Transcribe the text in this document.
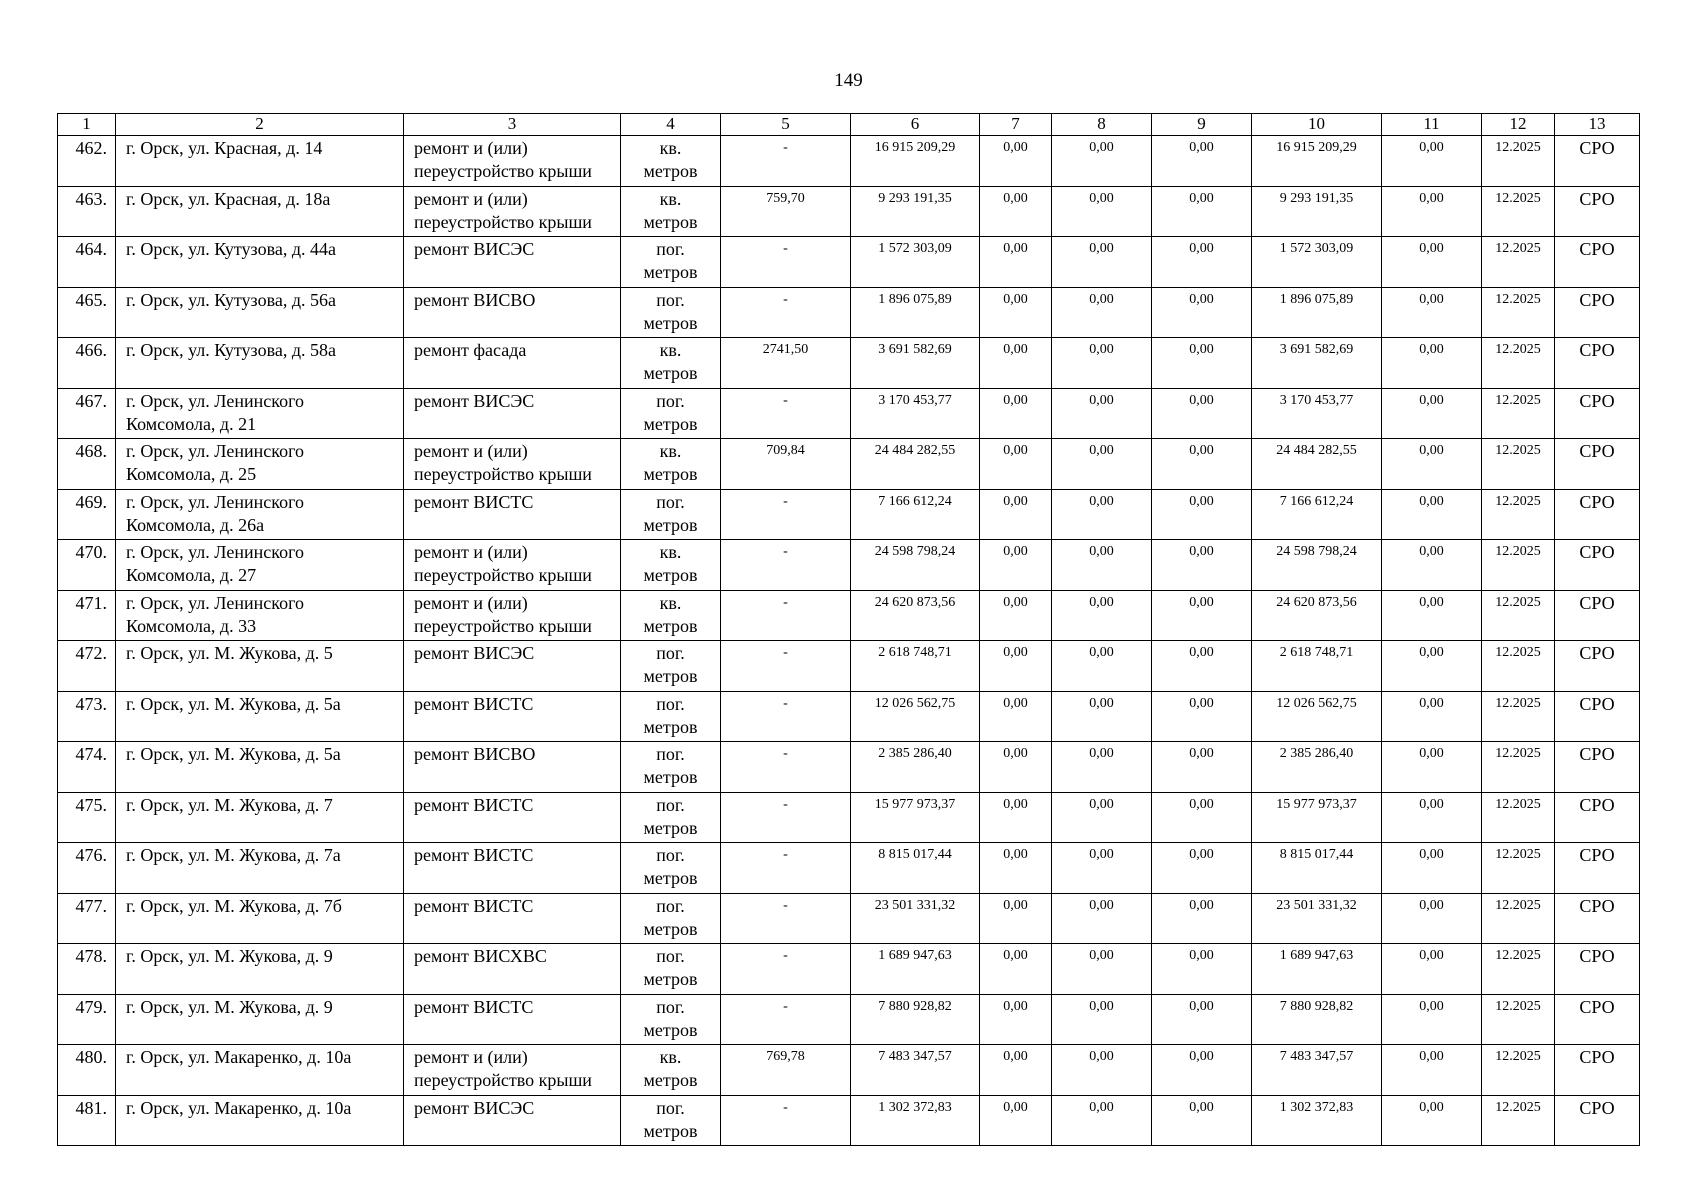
149
1	2	3	4	5	6	7	8	9	10	11	12	13
462.	г. Орск, ул. Красная, д. 14	ремонт и (или)
переустройство крыши	кв.
метров	-	16 915 209,29	0,00	0,00	0,00	16 915 209,29	0,00	12.2025	СРО
463.	г. Орск, ул. Красная, д. 18а	ремонт и (или)
переустройство крыши	кв.
метров	759,70	9 293 191,35	0,00	0,00	0,00	9 293 191,35	0,00	12.2025	СРО
464.	г. Орск, ул. Кутузова, д. 44а	ремонт ВИСЭС	пог.
метров	-	1 572 303,09	0,00	0,00	0,00	1 572 303,09	0,00	12.2025	СРО
465.	г. Орск, ул. Кутузова, д. 56а	ремонт ВИСВО	пог.
метров	-	1 896 075,89	0,00	0,00	0,00	1 896 075,89	0,00	12.2025	СРО
466.	г. Орск, ул. Кутузова, д. 58а	ремонт фасада	кв.
метров	2741,50	3 691 582,69	0,00	0,00	0,00	3 691 582,69	0,00	12.2025	СРО
467.	г. Орск, ул. Ленинского
Комсомола, д. 21	ремонт ВИСЭС	пог.
метров	-	3 170 453,77	0,00	0,00	0,00	3 170 453,77	0,00	12.2025	СРО
468.	г. Орск, ул. Ленинского
Комсомола, д. 25	ремонт и (или)
переустройство крыши	кв.
метров	709,84	24 484 282,55	0,00	0,00	0,00	24 484 282,55	0,00	12.2025	СРО
469.	г. Орск, ул. Ленинского
Комсомола, д. 26а	ремонт ВИСТС	пог.
метров	-	7 166 612,24	0,00	0,00	0,00	7 166 612,24	0,00	12.2025	СРО
470.	г. Орск, ул. Ленинского
Комсомола, д. 27	ремонт и (или)
переустройство крыши	кв.
метров	-	24 598 798,24	0,00	0,00	0,00	24 598 798,24	0,00	12.2025	СРО
471.	г. Орск, ул. Ленинского
Комсомола, д. 33	ремонт и (или)
переустройство крыши	кв.
метров	-	24 620 873,56	0,00	0,00	0,00	24 620 873,56	0,00	12.2025	СРО
472.	г. Орск, ул. М. Жукова, д. 5	ремонт ВИСЭС	пог.
метров	-	2 618 748,71	0,00	0,00	0,00	2 618 748,71	0,00	12.2025	СРО
473.	г. Орск, ул. М. Жукова, д. 5а	ремонт ВИСТС	пог.
метров	-	12 026 562,75	0,00	0,00	0,00	12 026 562,75	0,00	12.2025	СРО
474.	г. Орск, ул. М. Жукова, д. 5а	ремонт ВИСВО	пог.
метров	-	2 385 286,40	0,00	0,00	0,00	2 385 286,40	0,00	12.2025	СРО
475.	г. Орск, ул. М. Жукова, д. 7	ремонт ВИСТС	пог.
метров	-	15 977 973,37	0,00	0,00	0,00	15 977 973,37	0,00	12.2025	СРО
476.	г. Орск, ул. М. Жукова, д. 7а	ремонт ВИСТС	пог.
метров	-	8 815 017,44	0,00	0,00	0,00	8 815 017,44	0,00	12.2025	СРО
477.	г. Орск, ул. М. Жукова, д. 7б	ремонт ВИСТС	пог.
метров	-	23 501 331,32	0,00	0,00	0,00	23 501 331,32	0,00	12.2025	СРО
478.	г. Орск, ул. М. Жукова, д. 9	ремонт ВИСХВС	пог.
метров	-	1 689 947,63	0,00	0,00	0,00	1 689 947,63	0,00	12.2025	СРО
479.	г. Орск, ул. М. Жукова, д. 9	ремонт ВИСТС	пог.
метров	-	7 880 928,82	0,00	0,00	0,00	7 880 928,82	0,00	12.2025	СРО
480.	г. Орск, ул. Макаренко, д. 10а	ремонт и (или)
переустройство крыши	кв.
метров	769,78	7 483 347,57	0,00	0,00	0,00	7 483 347,57	0,00	12.2025	СРО
481.	г. Орск, ул. Макаренко, д. 10а	ремонт ВИСЭС	пог.
метров	-	1 302 372,83	0,00	0,00	0,00	1 302 372,83	0,00	12.2025	СРО
